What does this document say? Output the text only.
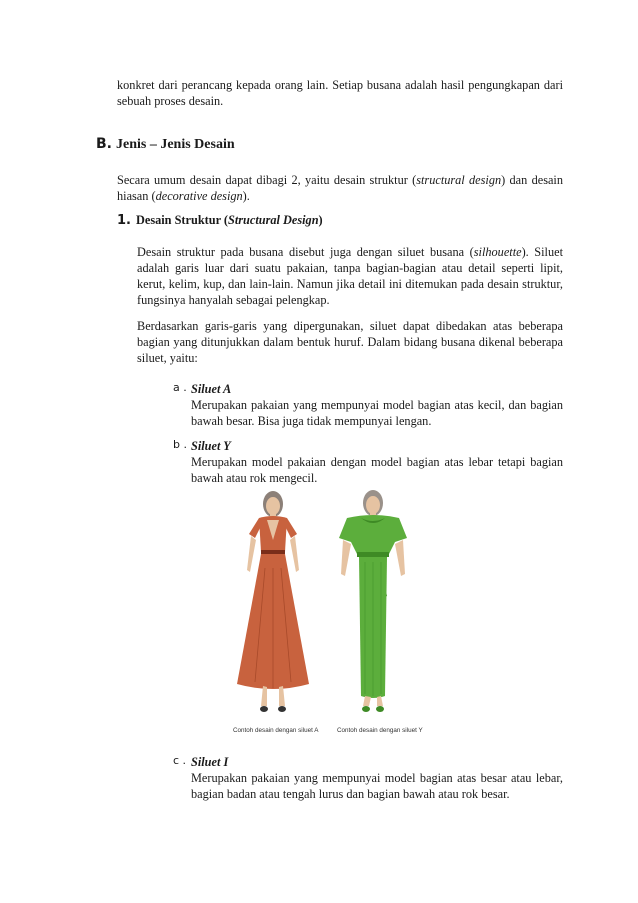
konkret dari perancang kepada orang lain. Setiap busana adalah hasil pengungkapan dari sebuah proses desain.

B. Jenis – Jenis Desain

Secara umum desain dapat dibagi 2, yaitu desain struktur (structural design) dan desain hiasan (decorative design).

1. Desain Struktur (Structural Design)

Desain struktur pada busana disebut juga dengan siluet busana (silhouette). Siluet adalah garis luar dari suatu pakaian, tanpa bagian-bagian atau detail seperti lipit, kerut, kelim, kup, dan lain-lain. Namun jika detail ini ditemukan pada desain struktur, fungsinya hanyalah sebagai pelengkap.

Berdasarkan garis-garis yang dipergunakan, siluet dapat dibedakan atas beberapa bagian yang ditunjukkan dalam bentuk huruf. Dalam bidang busana dikenal beberapa siluet, yaitu:

a . Siluet A

Merupakan pakaian yang mempunyai model bagian atas kecil, dan bagian bawah besar. Bisa juga tidak mempunyai lengan.

b . Siluet Y

Merupakan model pakaian dengan model bagian atas lebar tetapi bagian bawah atau rok mengecil.

Contoh desain dengan siluet A	Contoh desain dengan siluet Y
c . Siluet I

Merupakan pakaian yang mempunyai model bagian atas besar atau lebar, bagian badan atau tengah lurus dan bagian bawah atau rok besar.
